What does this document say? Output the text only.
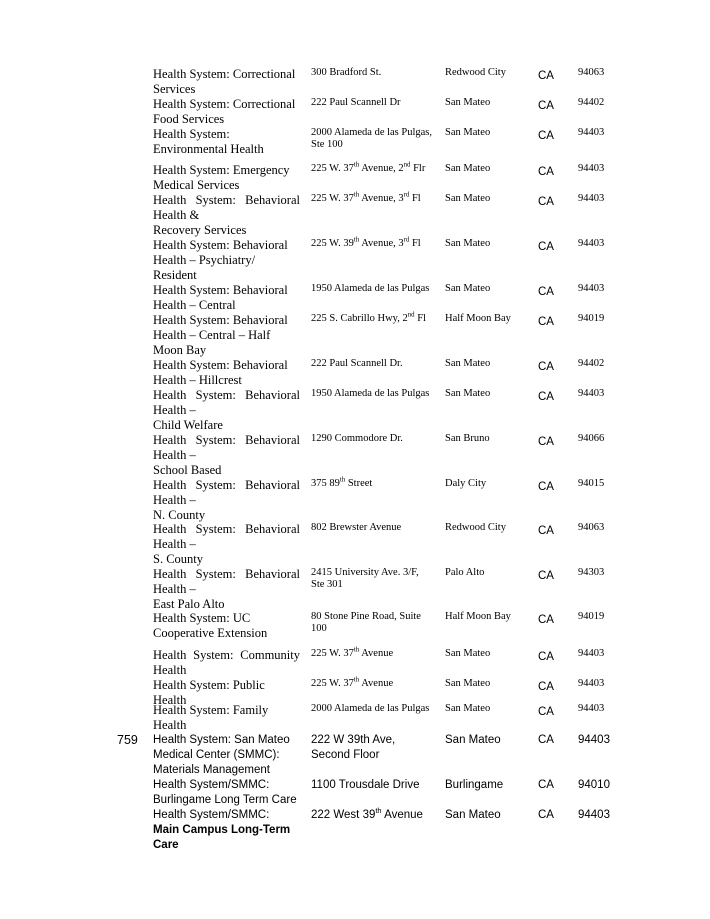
Health System: Correctional
Services
300 Bradford St.	Redwood City	CA	94063
Health System: Correctional
Food Services
222 Paul Scannell Dr	San Mateo	CA	94402
Health System:
Environmental Health
2000 Alameda de las Pulgas,
Ste 100
San Mateo	CA	94403
Health System: Emergency
Medical Services
225 W. 37th Avenue, 2nd Flr	San Mateo	CA	94403
Health System: Behavioral
Health &
Recovery Services
225 W. 37th Avenue, 3rd Fl	San Mateo	CA	94403
Health System: Behavioral
Health – Psychiatry/
Resident
225 W. 39th Avenue, 3rd Fl	San Mateo	CA	94403
Health System: Behavioral
Health – Central
1950 Alameda de las Pulgas	San Mateo	CA	94403
Health System: Behavioral
Health – Central – Half
Moon Bay
225 S. Cabrillo Hwy, 2nd Fl	Half Moon Bay	CA	94019
Health System: Behavioral
Health – Hillcrest
222 Paul Scannell Dr.	San Mateo	CA	94402
Health System: Behavioral
Health –
Child Welfare
1950 Alameda de las Pulgas	San Mateo	CA	94403
Health System: Behavioral
Health –
School Based
1290 Commodore Dr.	San Bruno	CA	94066
Health System: Behavioral
Health –
N. County
375 89th Street	Daly City	CA	94015
Health System: Behavioral
Health –
S. County
802 Brewster Avenue	Redwood City	CA	94063
Health System: Behavioral
Health –
East Palo Alto
2415 University Ave. 3/F,
Ste 301
Palo Alto	CA	94303
Health System: UC
Cooperative Extension
80 Stone Pine Road, Suite
100
Half Moon Bay	CA	94019
Health System: Community
Health
225 W. 37th Avenue	San Mateo	CA	94403
Health System: Public Health
225 W. 37th Avenue	San Mateo	CA	94403
Health System: Family
Health
2000 Alameda de las Pulgas	San Mateo	CA	94403
759	Health System: San Mateo
Medical Center (SMMC):
Materials Management
222 W 39th Ave,
Second Floor
San Mateo	CA	94403
Health System/SMMC:
Burlingame Long Term Care
1100 Trousdale Drive	Burlingame	CA	94010
Health System/SMMC:
Main Campus Long-Term
Care
222 West 39th Avenue	San Mateo	CA	94403
